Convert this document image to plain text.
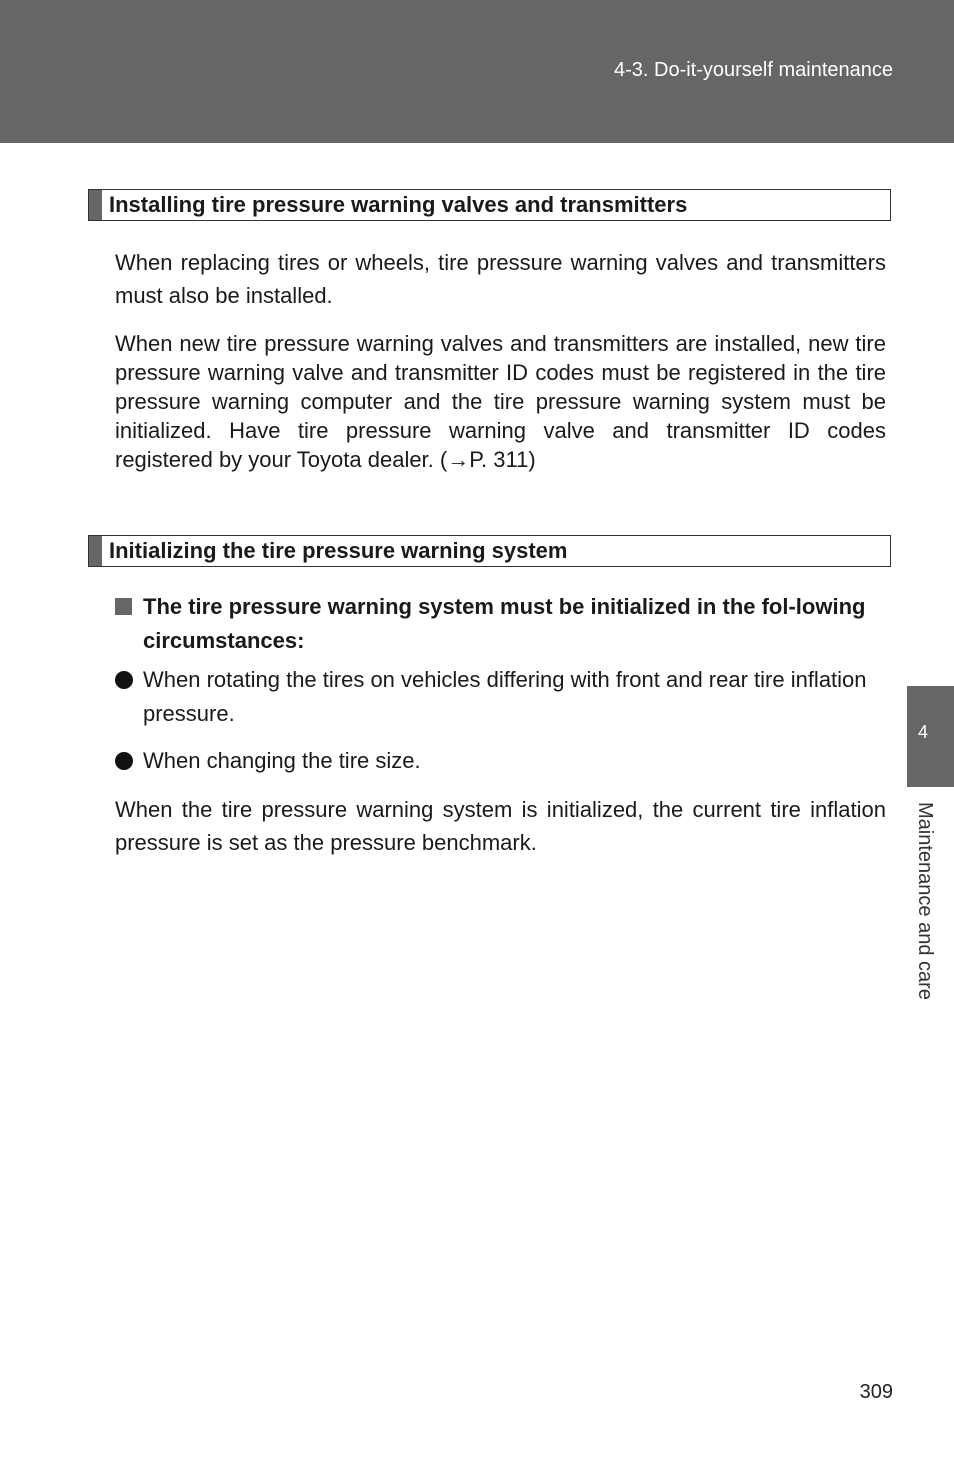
4-3. Do-it-yourself maintenance
Installing tire pressure warning valves and transmitters

When replacing tires or wheels, tire pressure warning valves and transmitters must also be installed.

When new tire pressure warning valves and transmitters are installed, new tire pressure warning valve and transmitter ID codes must be registered in the tire pressure warning computer and the tire pressure warning system must be initialized. Have tire pressure warning valve and transmitter ID codes registered by your Toyota dealer. (→P. 311)

Initializing the tire pressure warning system
The tire pressure warning system must be initialized in the fol-lowing circumstances:
When rotating the tires on vehicles differing with front and rear tire inflation pressure.
When changing the tire size.

When the tire pressure warning system is initialized, the current tire inflation pressure is set as the pressure benchmark.

4
Maintenance and care
309
